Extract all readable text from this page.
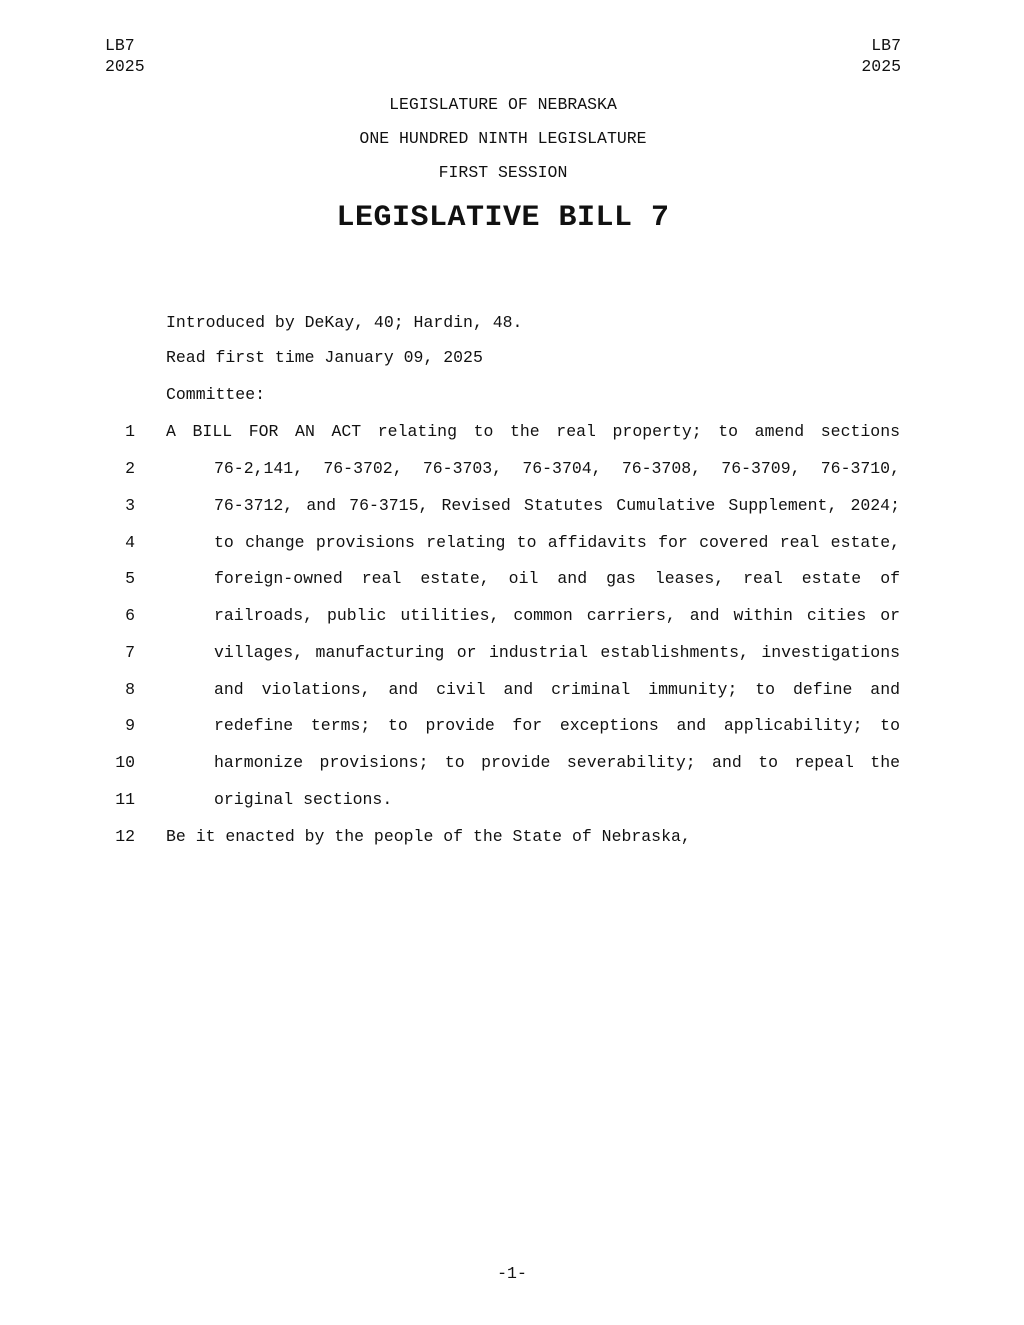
LB7
2025
LB7
2025
LEGISLATURE OF NEBRASKA
ONE HUNDRED NINTH LEGISLATURE
FIRST SESSION
LEGISLATIVE BILL 7
Introduced by DeKay, 40; Hardin, 48.
Read first time January 09, 2025
Committee:
1 A BILL FOR AN ACT relating to the real property; to amend sections
2	76-2,141, 76-3702, 76-3703, 76-3704, 76-3708, 76-3709, 76-3710,
3	76-3712, and 76-3715, Revised Statutes Cumulative Supplement, 2024;
4	to change provisions relating to affidavits for covered real estate,
5	foreign-owned real estate, oil and gas leases, real estate of
6	railroads, public utilities, common carriers, and within cities or
7	villages, manufacturing or industrial establishments, investigations
8	and violations, and civil and criminal immunity; to define and
9	redefine terms; to provide for exceptions and applicability; to
10	harmonize provisions; to provide severability; and to repeal the
11	original sections.
12 Be it enacted by the people of the State of Nebraska,
-1-
